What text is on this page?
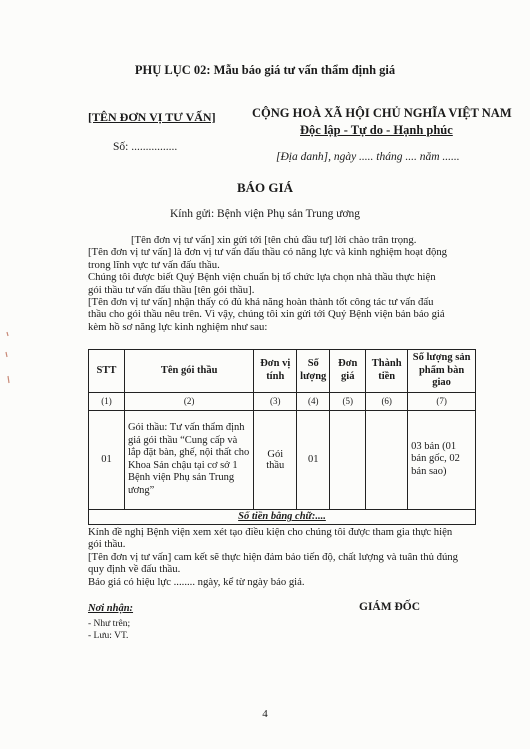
PHỤ LỤC 02: Mẫu báo giá tư vấn thẩm định giá
[TÊN ĐƠN VỊ TƯ VẤN]	CỘNG HOÀ XÃ HỘI CHỦ NGHĨA VIỆT NAM
Độc lập - Tự do - Hạnh phúc
Số: ................
[Địa danh], ngày ..... tháng .... năm ......
BÁO GIÁ
Kính gửi: Bệnh viện Phụ sản Trung ương

[Tên đơn vị tư vấn] xin gửi tới [tên chủ đầu tư] lời chào trân trọng.

[Tên đơn vị tư vấn] là đơn vị tư vấn đấu thầu có năng lực và kinh nghiệm hoạt động trong lĩnh vực tư vấn đấu thầu.

Chúng tôi được biết Quý Bệnh viện chuẩn bị tổ chức lựa chọn nhà thầu thực hiện gói thầu tư vấn đấu thầu [tên gói thầu].

[Tên đơn vị tư vấn] nhận thấy có đủ khả năng hoàn thành tốt công tác tư vấn đấu thầu cho gói thầu nêu trên. Vì vậy, chúng tôi xin gửi tới Quý Bệnh viện bản báo giá kèm hồ sơ năng lực kinh nghiệm như sau:

STT	Tên gói thầu	Đơn vị tính	Số lượng	Đơn giá	Thành tiền	Số lượng sản phẩm bàn giao
(1)	(2)	(3)	(4)	(5)	(6)	(7)
01	Gói thầu: Tư vấn thẩm định giá gói thầu “Cung cấp và lắp đặt bàn, ghế, nội thất cho Khoa Sản chậu tại cơ sở 1 Bệnh viện Phụ sản Trung ương”	Gói thầu	01			03 bản (01 bản gốc, 02 bản sao)

Số tiền bằng chữ:....						

Kính đề nghị Bệnh viện xem xét tạo điều kiện cho chúng tôi được tham gia thực hiện gói thầu.

[Tên đơn vị tư vấn] cam kết sẽ thực hiện đảm bảo tiến độ, chất lượng và tuân thủ đúng quy định về đấu thầu.

Báo giá có hiệu lực ........ ngày, kể từ ngày báo giá.

Nơi nhận:
- Như trên;
- Lưu: VT.
GIÁM ĐỐC
4
